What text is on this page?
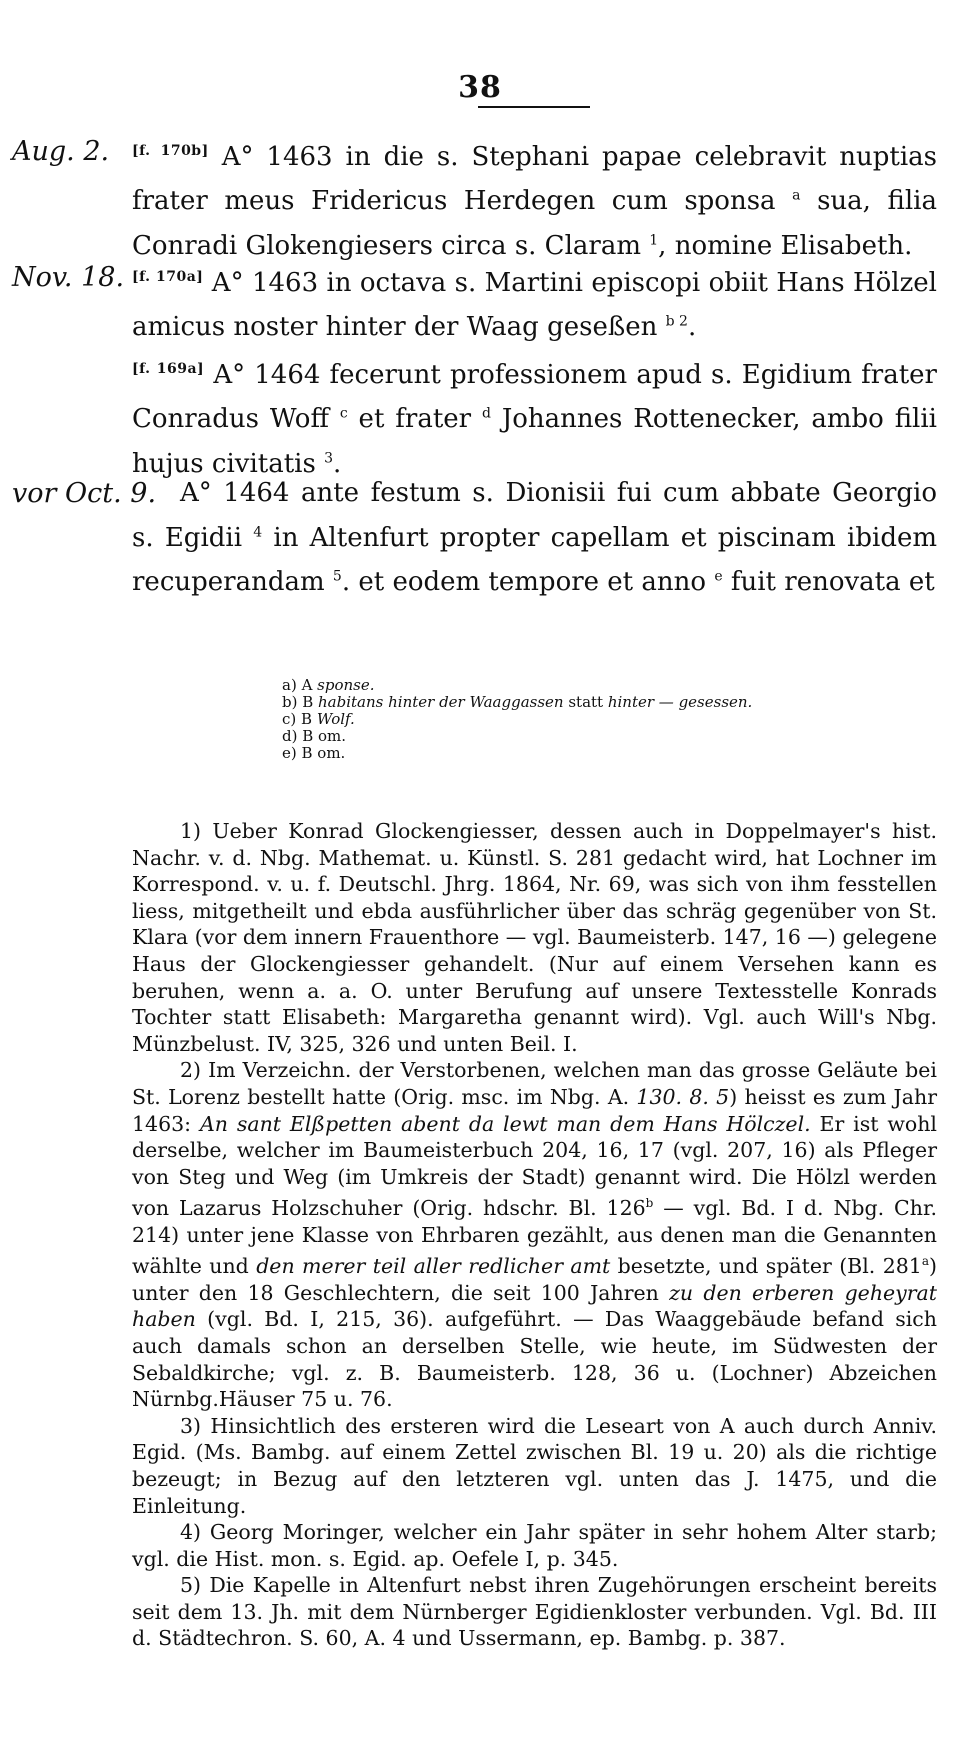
38
Aug. 2. [f. 170b] A° 1463 in die s. Stephani papae celebravit nuptias frater meus Fridericus Herdegen cum sponsa $^a$ sua, filia Conradi Glokengiesers circa s. Claram $^1$, nomine Elisabeth.
Nov. 18. [f. 170a] A° 1463 in octava s. Martini episcopi obiit Hans Hölzel amicus noster hinter der Waag geseßen $^{b 2}$.
[f. 169a] A° 1464 fecerunt professionem apud s. Egidium frater Conradus Woff $^c$ et frater $^d$ Johannes Rottenecker, ambo filii hujus civitatis $^3$.
vor Oct. 9. A° 1464 ante festum s. Dionisii fui cum abbate Georgio s. Egidii $^4$ in Altenfurt propter capellam et piscinam ibidem recuperandam $^5$. et eodem tempore et anno $^e$ fuit renovata et
a) A sponse.
b) B habitans hinter der Waaggassen statt hinter — gesessen.
c) B Wolf.
d) B om.
e) B om.

1) Ueber Konrad Glockengiesser, dessen auch in Doppelmayer's hist. Nachr. v. d. Nbg. Mathemat. u. Künstl. S. 281 gedacht wird, hat Lochner im Korrespond. v. u. f. Deutschl. Jhrg. 1864, Nr. 69, was sich von ihm fesstellen liess, mitgetheilt und ebda ausführlicher über das schräg gegenüber von St. Klara (vor dem innern Frauenthore — vgl. Baumeisterb. 147, 16 —) gelegene Haus der Glockengiesser gehandelt. (Nur auf einem Versehen kann es beruhen, wenn a. a. O. unter Berufung auf unsere Textesstelle Konrads Tochter statt Elisabeth: Margaretha genannt wird). Vgl. auch Will's Nbg. Münzbelust. IV, 325, 326 und unten Beil. I.

2) Im Verzeichn. der Verstorbenen, welchen man das grosse Geläute bei St. Lorenz bestellt hatte (Orig. msc. im Nbg. A. 130. 8. 5) heisst es zum Jahr 1463: An sant Elßpetten abent da lewt man dem Hans Hölczel. Er ist wohl derselbe, welcher im Baumeisterbuch 204, 16, 17 (vgl. 207, 16) als Pfleger von Steg und Weg (im Umkreis der Stadt) genannt wird. Die Hölzl werden von Lazarus Holzschuher (Orig. hdschr. Bl. 126$^b$ — vgl. Bd. I d. Nbg. Chr. 214) unter jene Klasse von Ehrbaren gezählt, aus denen man die Genannten wählte und den merer teil aller redlicher amt besetzte, und später (Bl. 281$^a$) unter den 18 Geschlechtern, die seit 100 Jahren zu den erberen geheyrat haben (vgl. Bd. I, 215, 36). aufgeführt. — Das Waaggebäude befand sich auch damals schon an derselben Stelle, wie heute, im Südwesten der Sebaldkirche; vgl. z. B. Baumeisterb. 128, 36 u. (Lochner) Abzeichen Nürnbg.Häuser 75 u. 76.

3) Hinsichtlich des ersteren wird die Leseart von A auch durch Anniv. Egid. (Ms. Bambg. auf einem Zettel zwischen Bl. 19 u. 20) als die richtige bezeugt; in Bezug auf den letzteren vgl. unten das J. 1475, und die Einleitung.

4) Georg Moringer, welcher ein Jahr später in sehr hohem Alter starb; vgl. die Hist. mon. s. Egid. ap. Oefele I, p. 345.

5) Die Kapelle in Altenfurt nebst ihren Zugehörungen erscheint bereits seit dem 13. Jh. mit dem Nürnberger Egidienkloster verbunden. Vgl. Bd. III d. Städtechron. S. 60, A. 4 und Ussermann, ep. Bambg. p. 387.
